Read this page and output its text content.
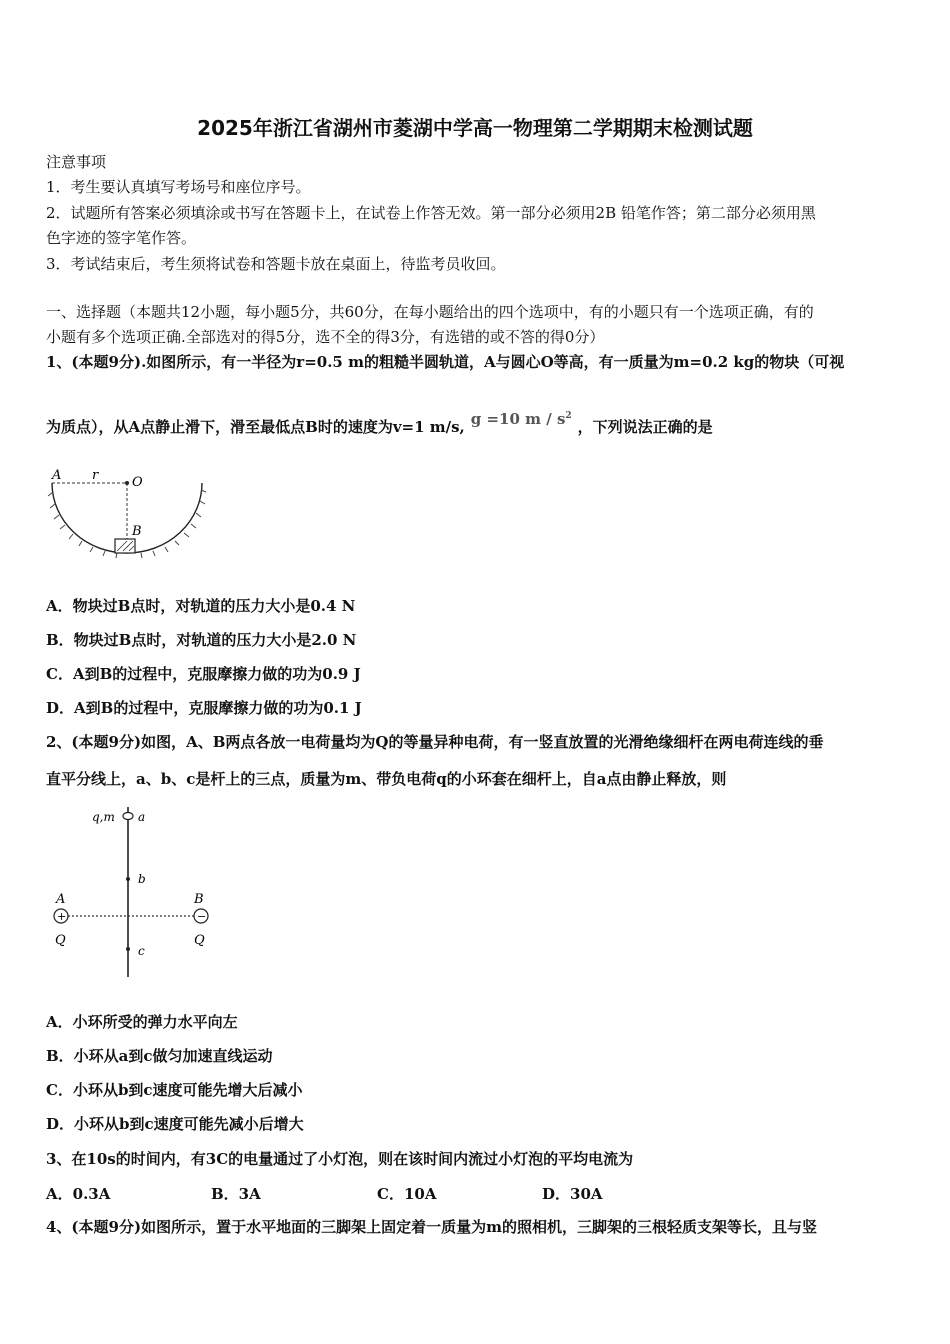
2025年浙江省湖州市菱湖中学高一物理第二学期期末检测试题
注意事项
1．考生要认真填写考场号和座位序号。
2．试题所有答案必须填涂或书写在答题卡上，在试卷上作答无效。第一部分必须用2B 铅笔作答；第二部分必须用黑
色字迹的签字笔作答。
3．考试结束后，考生须将试卷和答题卡放在桌面上，待监考员收回。
一、选择题（本题共12小题，每小题5分，共60分，在每小题给出的四个选项中，有的小题只有一个选项正确，有的
小题有多个选项正确.全部选对的得5分，选不全的得3分，有选错的或不答的得0分）
1、(本题9分).如图所示，有一半径为r=0.5 m的粗糙半圆轨道，A与圆心O等高，有一质量为m=0.2 kg的物块（可视
为质点），从A点静止滑下，滑至最低点B时的速度为v=1 m/s, g =10 m / $s^2$，下列说法正确的是
A r	O
B
A．物块过B点时，对轨道的压力大小是0.4 N
B．物块过B点时，对轨道的压力大小是2.0 N
C．A到B的过程中，克服摩擦力做的功为0.9 J
D．A到B的过程中，克服摩擦力做的功为0.1 J
2、(本题9分)如图，A、B两点各放一电荷量均为Q的等量异种电荷，有一竖直放置的光滑绝缘细杆在两电荷连线的垂
直平分线上，a、b、c是杆上的三点，质量为m、带负电荷q的小环套在细杆上，自a点由静止释放，则
q,m a
b
c
+	−
A	B
Q	Q
A．小环所受的弹力水平向左
B．小环从a到c做匀加速直线运动
C．小环从b到c速度可能先增大后减小
D．小环从b到c速度可能先减小后增大
3、在10s的时间内，有3C的电量通过了小灯泡，则在该时间内流过小灯泡的平均电流为
A．0.3A	B．3A	C．10A	D．30A
4、(本题9分)如图所示，置于水平地面的三脚架上固定着一质量为m的照相机，三脚架的三根轻质支架等长，且与竖
